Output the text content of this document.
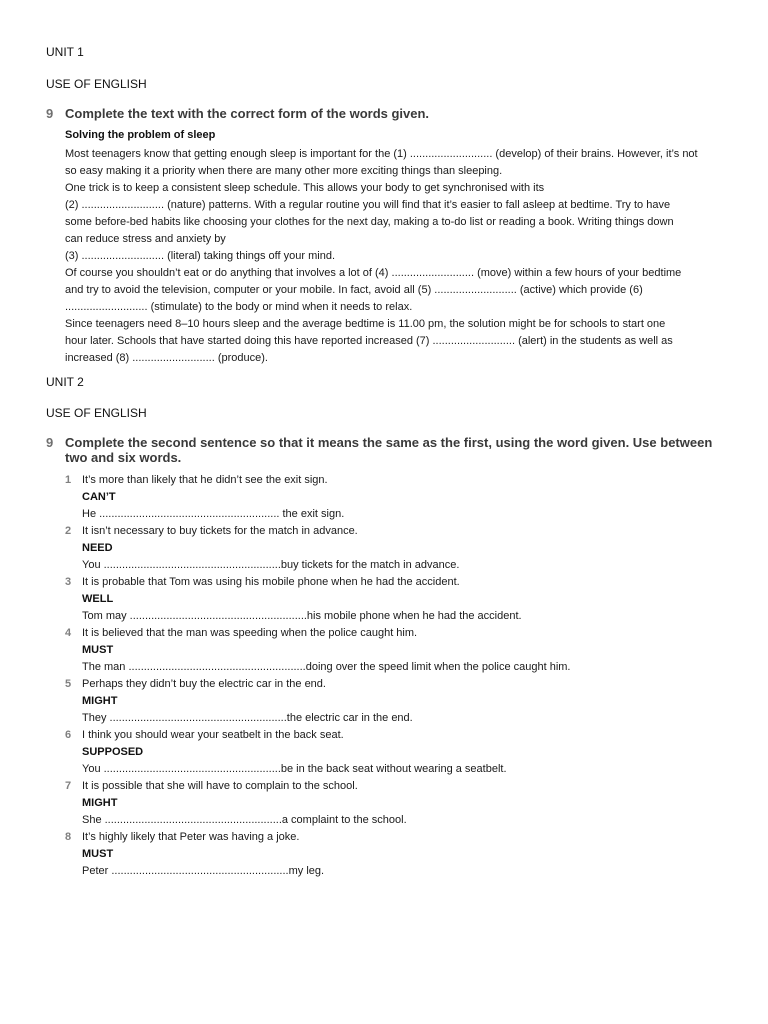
UNIT 1
USE OF ENGLISH
9 Complete the text with the correct form of the words given.
Solving the problem of sleep

Most teenagers know that getting enough sleep is important for the (1) ........................... (develop) of their brains. However, it’s not

so easy making it a priority when there are many other more exciting things than sleeping.

One trick is to keep a consistent sleep schedule. This allows your body to get synchronised with its

(2) ........................... (nature) patterns. With a regular routine you will find that it’s easier to fall asleep at bedtime. Try to have

some before-bed habits like choosing your clothes for the next day, making a to-do list or reading a book. Writing things down

can reduce stress and anxiety by

(3) ........................... (literal) taking things off your mind.

Of course you shouldn’t eat or do anything that involves a lot of (4) ........................... (move) within a few hours of your bedtime

and try to avoid the television, computer or your mobile. In fact, avoid all (5) ........................... (active) which provide (6)

........................... (stimulate) to the body or mind when it needs to relax.

Since teenagers need 8–10 hours sleep and the average bedtime is 11.00 pm, the solution might be for schools to start one

hour later. Schools that have started doing this have reported increased (7) ........................... (alert) in the students as well as

increased (8) ........................... (produce).

UNIT 2
USE OF ENGLISH
9 Complete the second sentence so that it means the same as the first, using the word given. Use between two and six words.
1 It’s more than likely that he didn’t see the exit sign.
CAN’T
He ........................................................... the exit sign.
2 It isn’t necessary to buy tickets for the match in advance.
NEED
You ..........................................................buy tickets for the match in advance.
3 It is probable that Tom was using his mobile phone when he had the accident.
WELL
Tom may ..........................................................his mobile phone when he had the accident.
4 It is believed that the man was speeding when the police caught him.
MUST
The man ..........................................................doing over the speed limit when the police caught him.
5 Perhaps they didn’t buy the electric car in the end.
MIGHT
They ..........................................................the electric car in the end.
6 I think you should wear your seatbelt in the back seat.
SUPPOSED
You ..........................................................be in the back seat without wearing a seatbelt.
7 It is possible that she will have to complain to the school.
MIGHT
She ..........................................................a complaint to the school.
8 It’s highly likely that Peter was having a joke.
MUST
Peter ..........................................................my leg.
